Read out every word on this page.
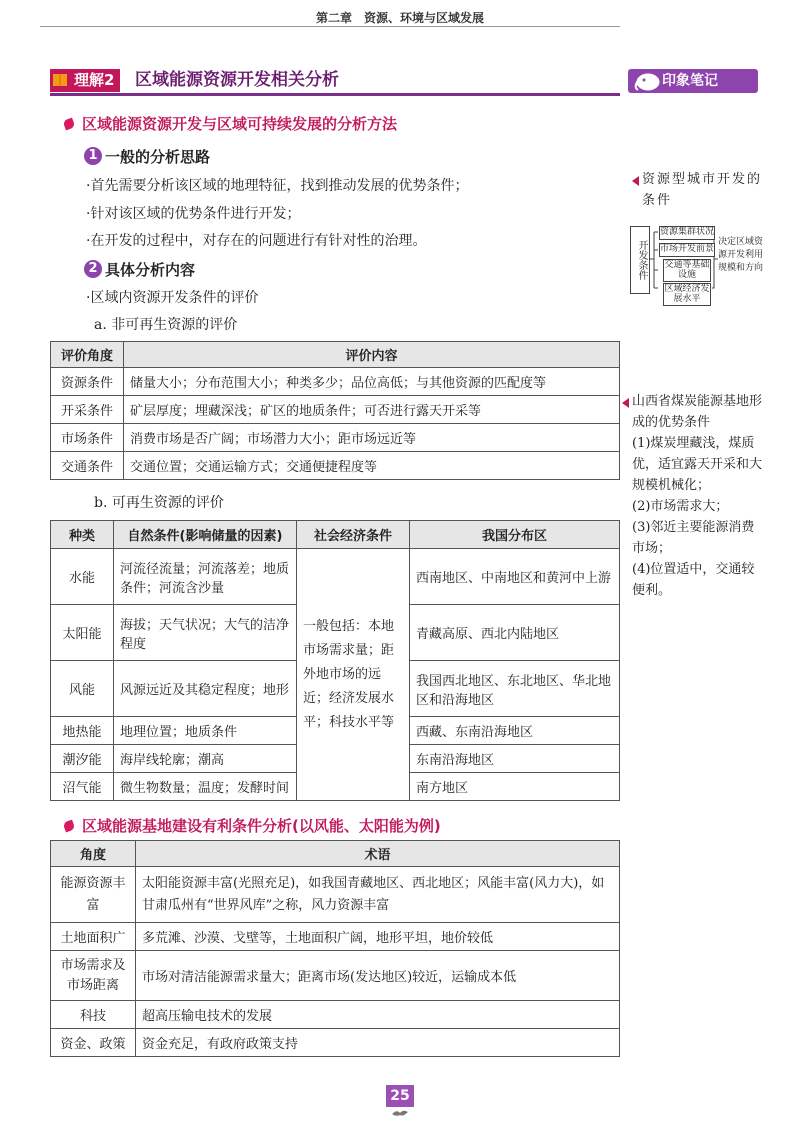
第二章　资源、环境与区域发展
理解2	区域能源资源开发相关分析	印象笔记
区域能源资源开发与区域可持续发展的分析方法
1 一般的分析思路
·首先需要分析该区域的地理特征，找到推动发展的优势条件；
·针对该区域的优势条件进行开发；
·在开发的过程中，对存在的问题进行有针对性的治理。
2 具体分析内容
·区域内资源开发条件的评价
a. 非可再生资源的评价
评价角度	评价内容
资源条件	储量大小；分布范围大小；种类多少；品位高低；与其他资源的匹配度等
开采条件	矿层厚度；埋藏深浅；矿区的地质条件；可否进行露天开采等
市场条件	消费市场是否广阔；市场潜力大小；距市场远近等
交通条件	交通位置；交通运输方式；交通便捷程度等
b. 可再生资源的评价
种类	自然条件(影响储量的因素)	社会经济条件	我国分布区
水能	河流径流量；河流落差；地质条件；河流含沙量	一般包括：本地市场需求量；距外地市场的远近；经济发展水平；科技水平等	西南地区、中南地区和黄河中上游
太阳能	海拔；天气状况；大气的洁净程度		青藏高原、西北内陆地区
风能	风源远近及其稳定程度；地形		我国西北地区、东北地区、华北地区和沿海地区
地热能	地理位置；地质条件		西藏、东南沿海地区
潮汐能	海岸线轮廓；潮高		东南沿海地区
沼气能	微生物数量；温度；发酵时间		南方地区
区域能源基地建设有利条件分析(以风能、太阳能为例)
角度	术语
能源资源丰富	太阳能资源丰富(光照充足)，如我国青藏地区、西北地区；风能丰富(风力大)，如甘肃瓜州有“世界风库”之称，风力资源丰富
土地面积广	多荒滩、沙漠、戈壁等，土地面积广阔，地形平坦，地价较低
市场需求及市场距离	市场对清洁能源需求量大；距离市场(发达地区)较近，运输成本低
科技	超高压输电技术的发展
资金、政策	资金充足，有政府政策支持
资源型城市开发的条件
开发条件
资源集群状况
市场开发前景
交通等基础设施
区域经济发展水平
决定区域资源开发利用规模和方向
山西省煤炭能源基地形成的优势条件
(1)煤炭埋藏浅，煤质优，适宜露天开采和大规模机械化；
(2)市场需求大；
(3)邻近主要能源消费市场；
(4)位置适中，交通较便利。
25
